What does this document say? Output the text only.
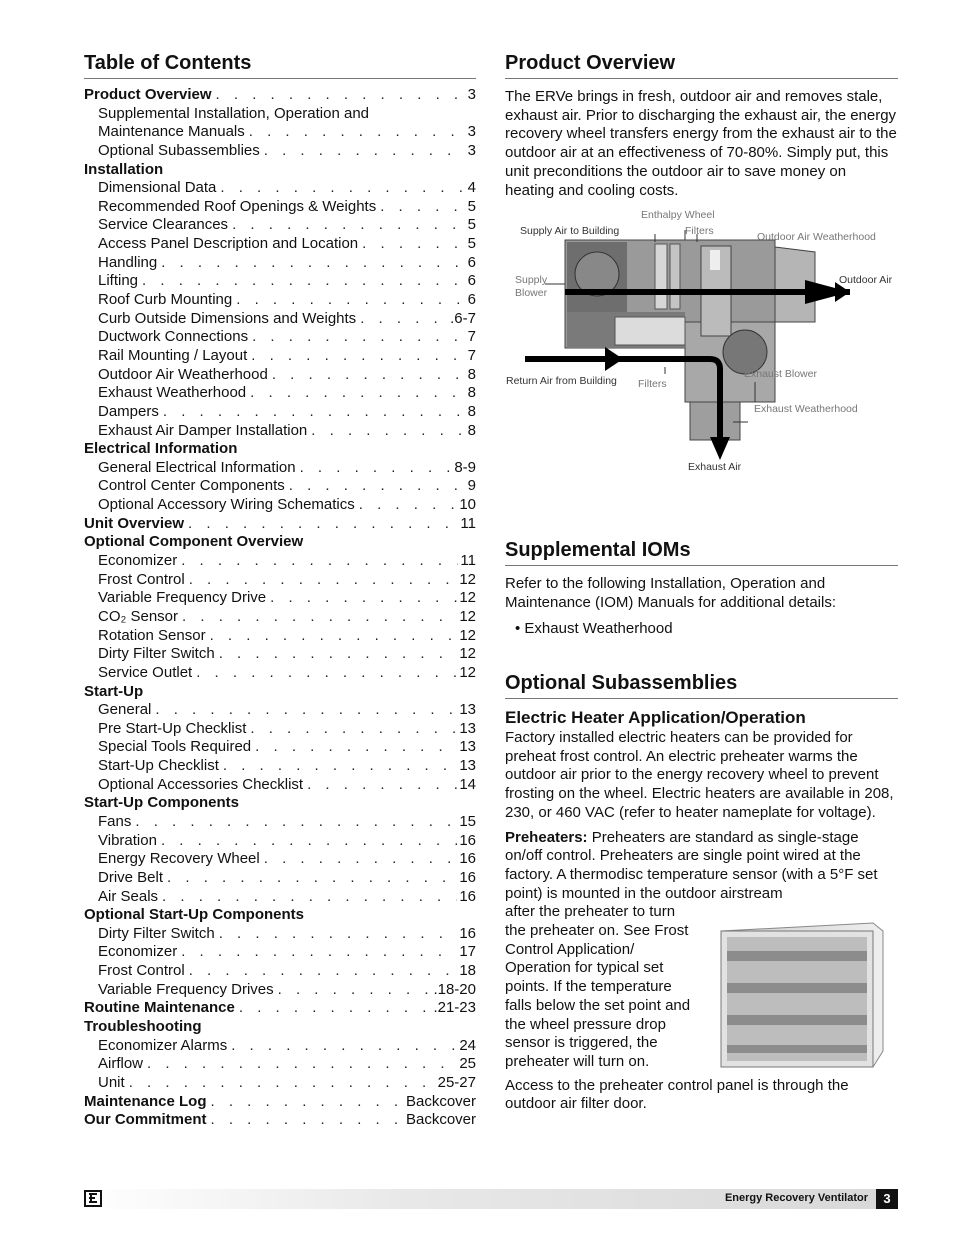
Table of Contents
Product Overview . . .	3
Supplemental Installation, Operation and
Maintenance Manuals . . .	3
Optional Subassemblies . . .	3
Installation
Dimensional Data . . .	4
Recommended Roof Openings & Weights . . .	5
Service Clearances . . .	5
Access Panel Description and Location . . .	5
Handling . . .	6
Lifting . . .	6
Roof Curb Mounting . . .	6
Curb Outside Dimensions and Weights . . .	.6-7
Ductwork Connections . . .	7
Rail Mounting / Layout . . .	7
Outdoor Air Weatherhood . . .	8
Exhaust Weatherhood . . .	8
Dampers . . .	8
Exhaust Air Damper Installation . . .	8
Electrical Information
General Electrical Information . . .	8-9
Control Center Components . . .	9
Optional Accessory Wiring Schematics . . .	10
Unit Overview . . .	11
Optional Component Overview
Economizer . . .	11
Frost Control . . .	12
Variable Frequency Drive . . .	12
CO₂ Sensor . . .	12
Rotation Sensor . . .	12
Dirty Filter Switch . . .	12
Service Outlet . . .	12
Start-Up
General . . .	13
Pre Start-Up Checklist . . .	13
Special Tools Required . . .	13
Start-Up Checklist . . .	13
Optional Accessories Checklist . . .	14
Start-Up Components
Fans . . .	15
Vibration . . .	16
Energy Recovery Wheel . . .	16
Drive Belt . . .	16
Air Seals . . .	16
Optional Start-Up Components
Dirty Filter Switch . . .	16
Economizer . . .	17
Frost Control . . .	18
Variable Frequency Drives . . .	.18-20
Routine Maintenance . . .	.21-23
Troubleshooting
Economizer Alarms . . .	24
Airflow . . .	25
Unit . . .	25-27
Maintenance Log . . .	Backcover
Our Commitment . . .	Backcover
Product Overview

The ERVe brings in fresh, outdoor air and removes stale, exhaust air. Prior to discharging the exhaust air, the energy recovery wheel transfers energy from the exhaust air to the outdoor air at an effectiveness of 70-80%. Simply put, this unit preconditions the outdoor air to save money on heating and cooling costs.

Enthalpy Wheel
Filters
Supply Air to Building	Outdoor Air Weatherhood
Supply
Blower
Outdoor Air
Exhaust Blower
Return Air from Building Filters
Exhaust Weatherhood
Exhaust Air
Supplemental IOMs

Refer to the following Installation, Operation and Maintenance (IOM) Manuals for additional details:

• Exhaust Weatherhood

Optional Subassemblies
Electric Heater Application/Operation

Factory installed electric heaters can be provided for preheat frost control. An electric preheater warms the outdoor air prior to the energy recovery wheel to prevent frosting on the wheel. Electric heaters are available in 208, 230, or 460 VAC (refer to heater nameplate for voltage).

Preheaters: Preheaters are standard as single-stage on/off control. Preheaters are single point wired at the factory. A thermodisc temperature sensor (with a 5°F set point) is mounted in the outdoor airstream

after the preheater to turn the preheater on. See Frost Control Application/ Operation for typical set points. If the temperature falls below the set point and the wheel pressure drop sensor is triggered, the preheater will turn on.

Access to the preheater control panel is through the outdoor air filter door.

Energy Recovery Ventilator	3
